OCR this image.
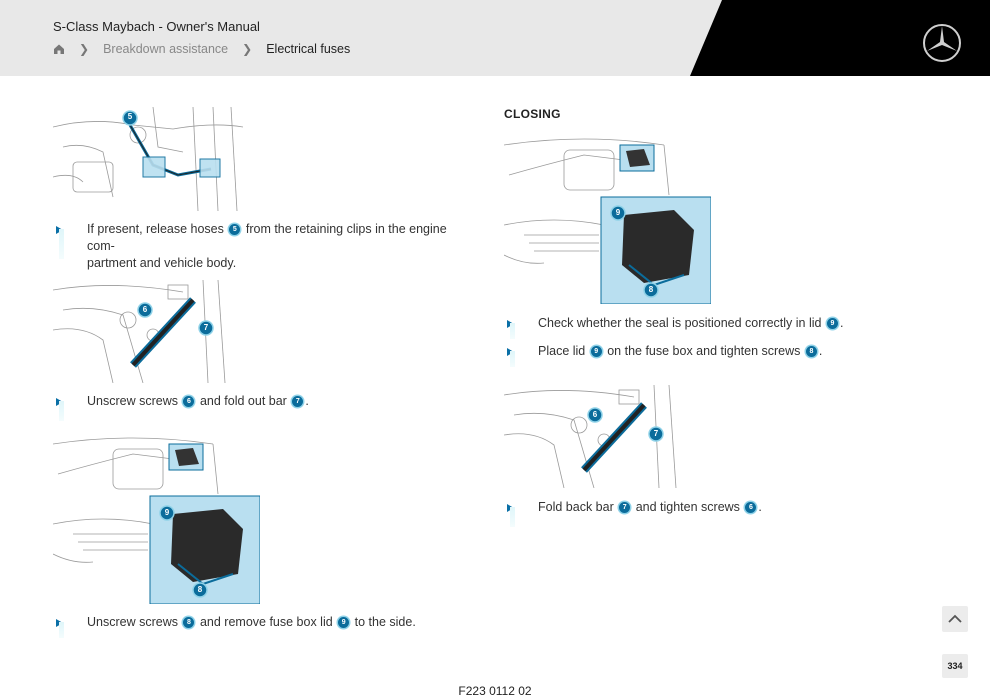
S-Class Maybach - Owner's Manual
❯ Breakdown assistance ❯ Electrical fuses
5
If present, release hoses 5 from the retaining clips in the engine com-
partment and vehicle body.
6
7
Unscrew screws 6 and fold out bar 7 .
9
8
Unscrew screws 8 and remove fuse box lid 9 to the side.
CLOSING
9
8
Check whether the seal is positioned correctly in lid 9 .
Place lid 9 on the fuse box and tighten screws 8 .
6
7
Fold back bar 7 and tighten screws 6 .
334
F223 0112 02
